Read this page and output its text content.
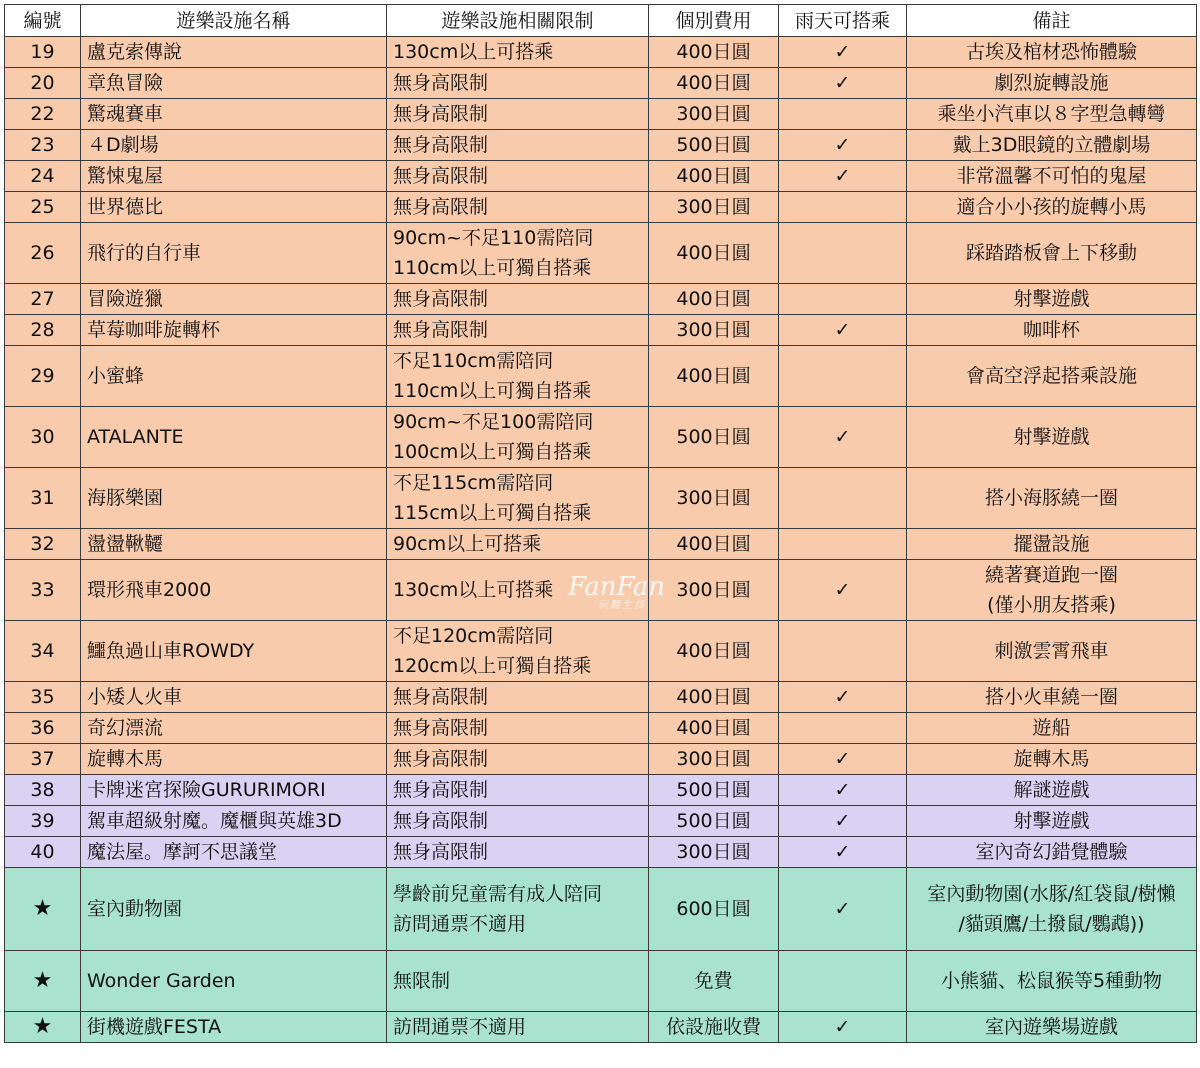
編號	遊樂設施名稱	遊樂設施相關限制	個別費用	雨天可搭乘	備註

19	盧克索傳說	130cm以上可搭乘	400日圓	✓	古埃及棺材恐怖體驗

20	章魚冒險	無身高限制	400日圓	✓	劇烈旋轉設施

22	驚魂賽車	無身高限制	300日圓		乘坐小汽車以８字型急轉彎

23	４D劇場	無身高限制	500日圓	✓	戴上3D眼鏡的立體劇場

24	驚悚鬼屋	無身高限制	400日圓	✓	非常溫馨不可怕的鬼屋

25	世界德比	無身高限制	300日圓		適合小小孩的旋轉小馬

26	飛行的自行車	90cm~不足110需陪同
110cm以上可獨自搭乘	400日圓		踩踏踏板會上下移動

27	冒險遊獵	無身高限制	400日圓		射擊遊戲

28	草莓咖啡旋轉杯	無身高限制	300日圓	✓	咖啡杯

29	小蜜蜂	不足110cm需陪同
110cm以上可獨自搭乘	400日圓		會高空浮起搭乘設施

30	ATALANTE	90cm~不足100需陪同
100cm以上可獨自搭乘	500日圓	✓	射擊遊戲

31	海豚樂園	不足115cm需陪同
115cm以上可獨自搭乘	300日圓		搭小海豚繞一圈

32	盪盪鞦韆	90cm以上可搭乘	400日圓		擺盪設施

33	環形飛車2000	130cm以上可搭乘	300日圓	✓	繞著賽道跑一圈
(僅小朋友搭乘)

34	鱷魚過山車ROWDY	不足120cm需陪同
120cm以上可獨自搭乘	400日圓		刺激雲霄飛車

35	小矮人火車	無身高限制	400日圓	✓	搭小火車繞一圈

36	奇幻漂流	無身高限制	400日圓		遊船

37	旋轉木馬	無身高限制	300日圓	✓	旋轉木馬

38	卡牌迷宮探險GURURIMORI	無身高限制	500日圓	✓	解謎遊戲

39	駕車超級射魔。魔櫃與英雄3D	無身高限制	500日圓	✓	射擊遊戲

40	魔法屋。摩訶不思議堂	無身高限制	300日圓	✓	室內奇幻錯覺體驗

★	室內動物園	學齡前兒童需有成人陪同
訪問通票不適用	600日圓	✓	室內動物園(水豚/紅袋鼠/樹懶
/貓頭鷹/土撥鼠/鸚鵡))

★	Wonder Garden	無限制	免費		小熊貓、松鼠猴等5種動物

★	街機遊戲FESTA	訪問通票不適用	依設施收費	✓	室內遊樂場遊戲
FanFan
玩翻生活
